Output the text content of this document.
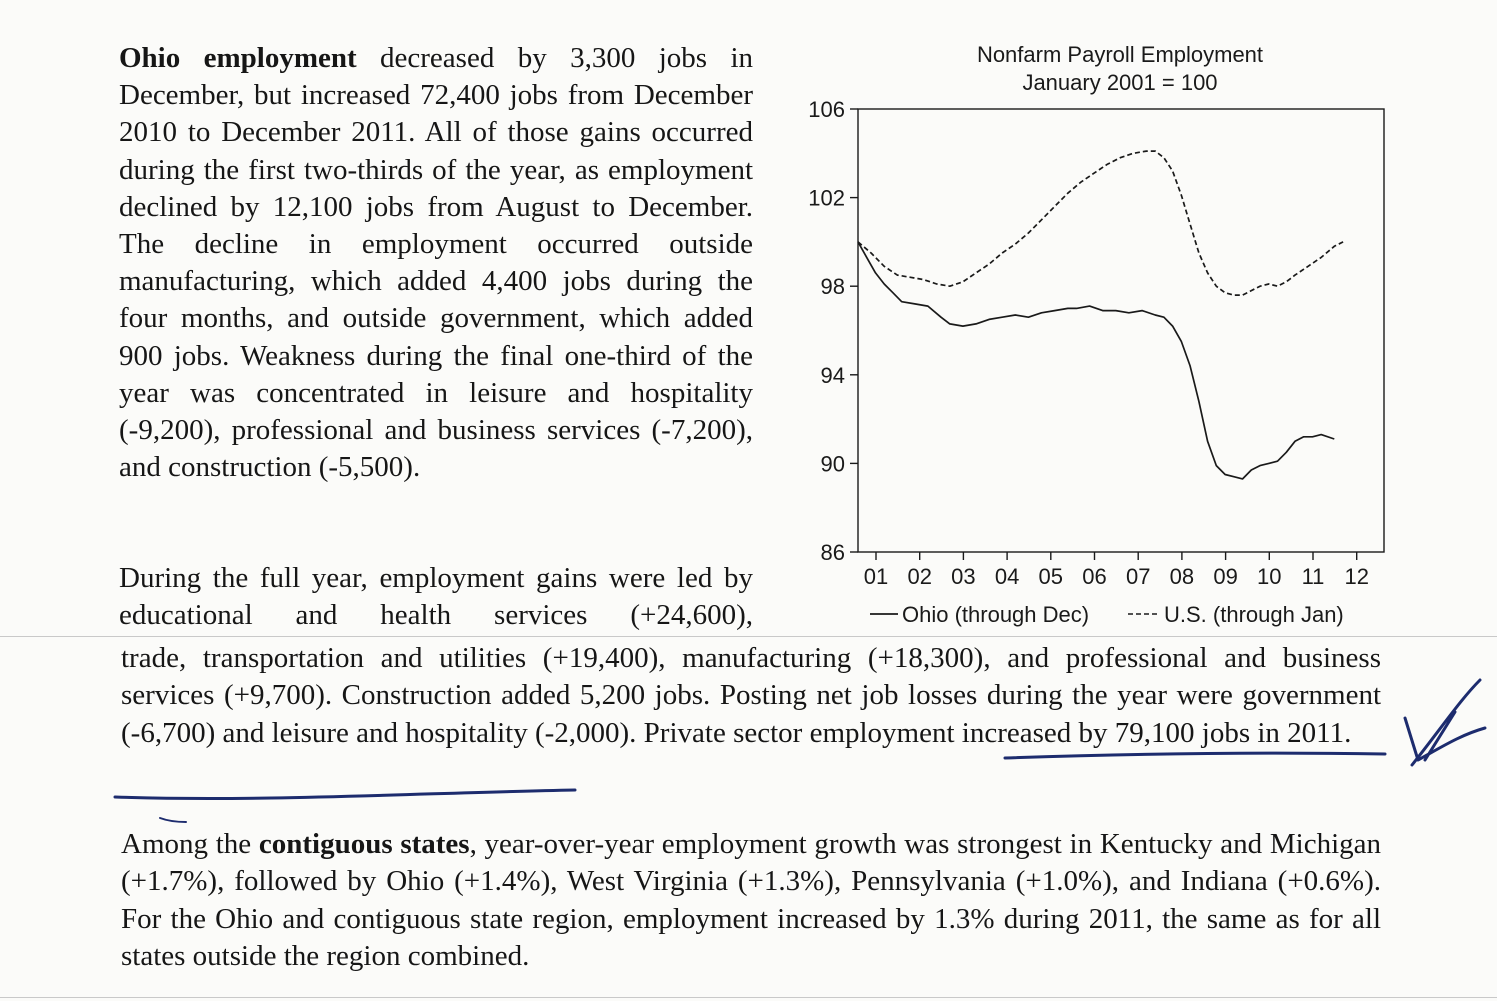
Ohio employment decreased by 3,300 jobs in December, but increased 72,400 jobs from December 2010 to December 2011. All of those gains occurred during the first two-thirds of the year, as employment declined by 12,100 jobs from August to December. The decline in employment occurred outside manufacturing, which added 4,400 jobs during the four months, and outside government, which added 900 jobs. Weakness during the final one-third of the year was concentrated in leisure and hospitality (-9,200), professional and business services (-7,200), and construction (-5,500).

During the full year, employment gains were led by educational and health services (+24,600),

trade, transportation and utilities (+19,400), manufacturing (+18,300), and professional and business services (+9,700). Construction added 5,200 jobs. Posting net job losses during the year were government (-6,700) and leisure and hospitality (-2,000). Private sector employment increased by 79,100 jobs in 2011.

Among the contiguous states, year-over-year employment growth was strongest in Kentucky and Michigan (+1.7%), followed by Ohio (+1.4%), West Virginia (+1.3%), Pennsylvania (+1.0%), and Indiana (+0.6%). For the Ohio and contiguous state region, employment increased by 1.3% during 2011, the same as for all states outside the region combined.

Nonfarm Payroll Employment
January 2001 = 100
86
90
94
98
102
106
01 02 03 04 05 06 07 08 09 10 11 12
Ohio (through Dec)	U.S. (through Jan)
